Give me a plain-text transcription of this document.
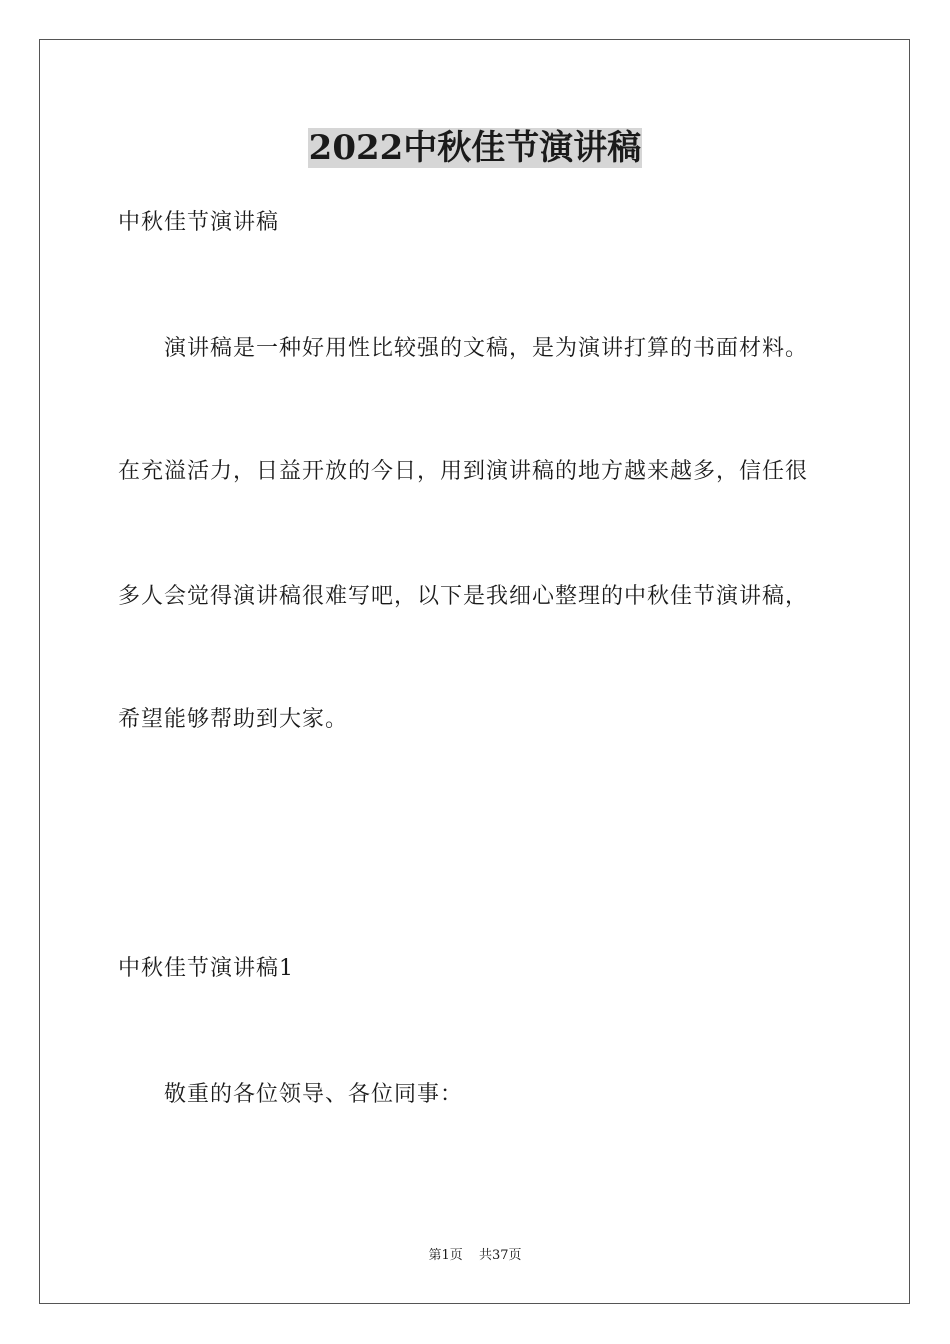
2022中秋佳节演讲稿
中秋佳节演讲稿
演讲稿是一种好用性比较强的文稿，是为演讲打算的书面材料。
在充溢活力，日益开放的今日，用到演讲稿的地方越来越多，信任很
多人会觉得演讲稿很难写吧，以下是我细心整理的中秋佳节演讲稿，
希望能够帮助到大家。
中秋佳节演讲稿1
敬重的各位领导、各位同事：
第1页 共37页
